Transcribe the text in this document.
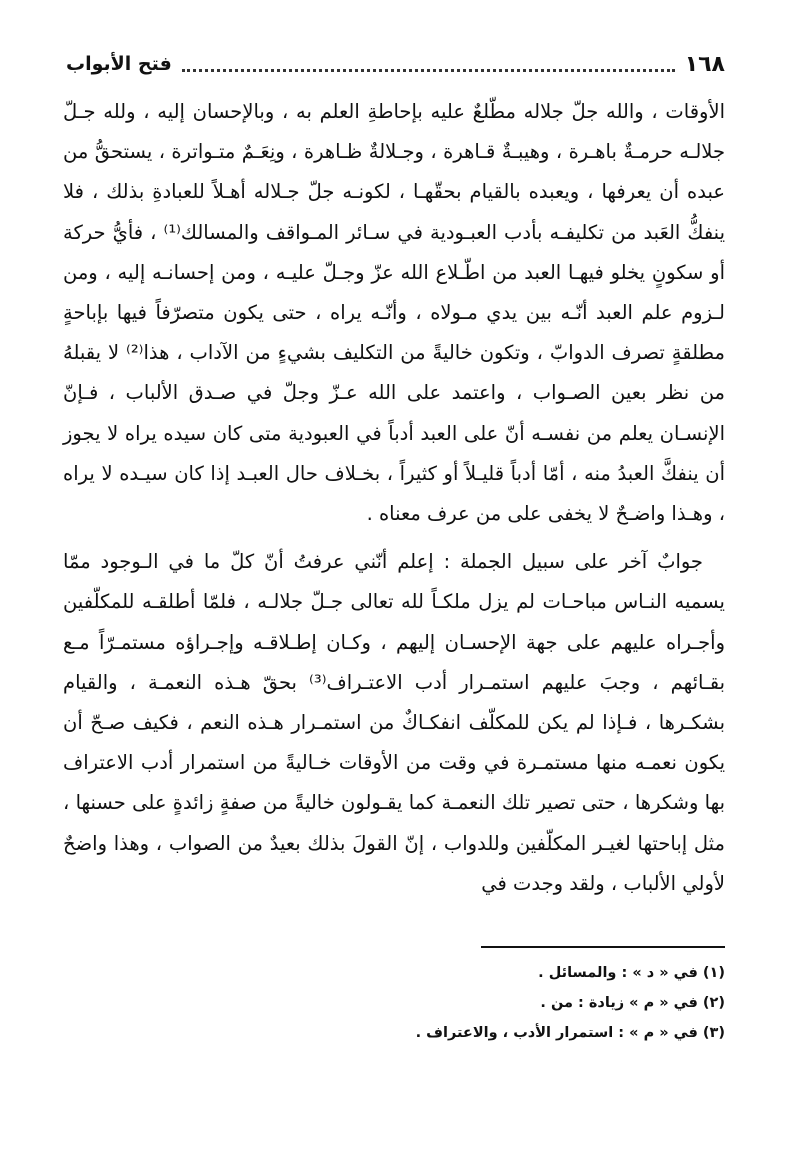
١٦٨
فتح الأبواب

الأوقات ، والله جلّ جلاله مطّلعٌ عليه بإحاطةِ العلم به ، وبالإحسان إليه ، ولله جـلّ جلالـه حرمـةٌ باهـرة ، وهيبـةٌ قـاهرة ، وجـلالةٌ ظـاهرة ، ونِعَـمٌ متـواترة ، يستحقُّ من عبده أن يعرفها ، ويعبده بالقيام بحقّهـا ، لكونـه جلّ جـلاله أهـلاً للعبادةِ بذلك ، فلا ينفكُّ العَبد من تكليفـه بأدب العبـودية في سـائر المـواقف والمسالك⁽¹⁾ ، فأيُّ حركة أو سكونٍ يخلو فيهـا العبد من اطّـلاع الله عزّ وجـلّ عليـه ، ومن إحسانـه إليه ، ومن لـزوم علم العبد أنّـه بين يدي مـولاه ، وأنّـه يراه ، حتى يكون متصرّفاً فيها بإباحةٍ مطلقةٍ تصرف الدوابّ ، وتكون خاليةً من التكليف بشيءٍ من الآداب ، هذا⁽²⁾ لا يقبلهُ من نظر بعين الصـواب ، واعتمد على الله عـزّ وجلّ في صـدق الألباب ، فـإنّ الإنسـان يعلم من نفسـه أنّ على العبد أدباً في العبودية متى كان سيده يراه لا يجوز أن ينفكَّ العبدُ منه ، أمّا أدباً قليـلاً أو كثيراً ، بخـلاف حال العبـد إذا كان سيـده لا يراه ، وهـذا واضـحٌ لا يخفى على من عرف معناه .

جوابٌ آخر على سبيل الجملة : إعلم أنّني عرفتُ أنّ كلّ ما في الـوجود ممّا يسميه النـاس مباحـات لم يزل ملكـاً لله تعالى جـلّ جلالـه ، فلمّا أطلقـه للمكلّفين وأجـراه عليهم على جهة الإحسـان إليهم ، وكـان إطـلاقـه وإجـراؤه مستمـرّاً مـع بقـائهم ، وجبَ عليهم استمـرار أدب الاعتـراف⁽³⁾ بحقّ هـذه النعمـة ، والقيام بشكـرها ، فـإذا لم يكن للمكلّف انفكـاكٌ من استمـرار هـذه النعم ، فكيف صـحّ أن يكون نعمـه منها مستمـرة في وقت من الأوقات خـاليةً من استمرار أدب الاعتراف بها وشكرها ، حتى تصير تلك النعمـة كما يقـولون خاليةً من صفةٍ زائدةٍ على حسنها ، مثل إباحتها لغيـر المكلّفين وللدواب ، إنّ القولَ بذلك بعيدٌ من الصواب ، وهذا واضحٌ لأولي الألباب ، ولقد وجدت في

(١) في « د » : والمسائل .

(٢) في « م » زيادة : من .

(٣) في « م » : استمرار الأدب ، والاعتراف .
